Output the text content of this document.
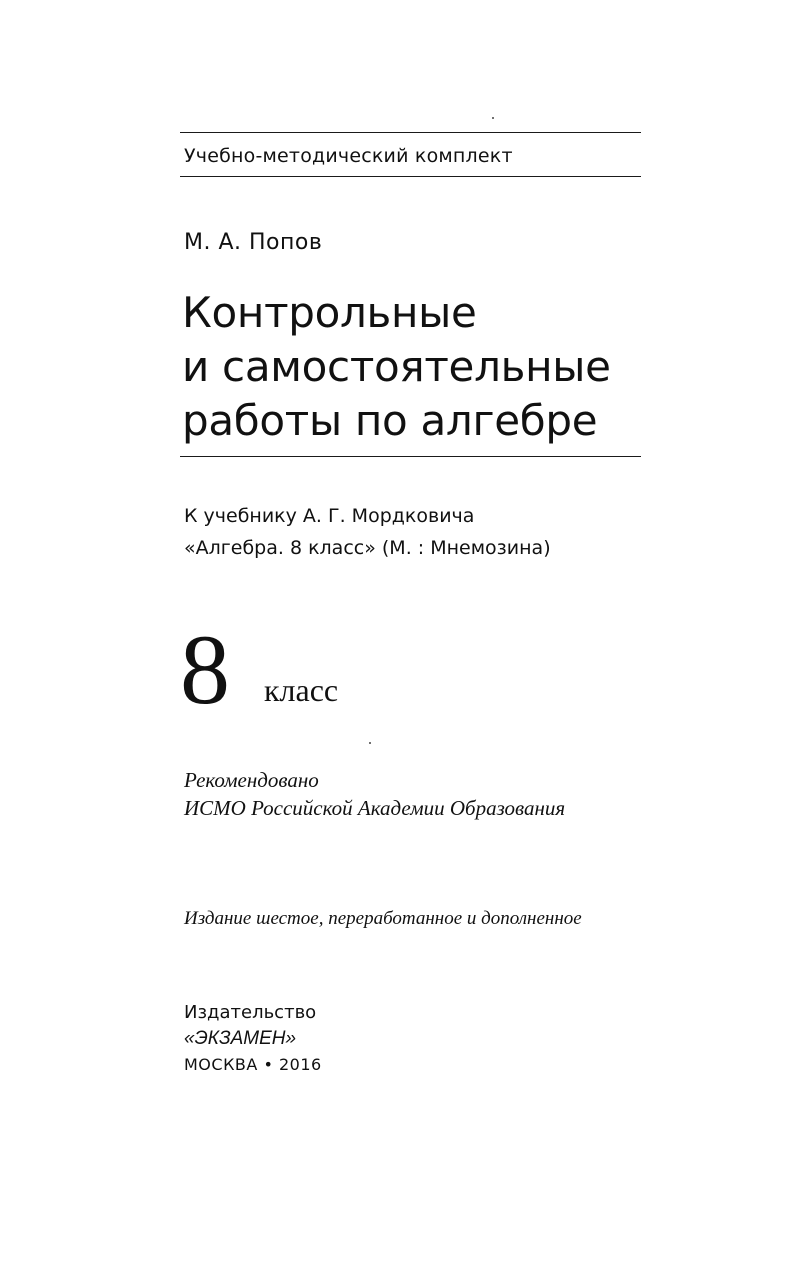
Учебно-методический комплект
М. А. Попов
Контрольные
и самостоятельные
работы по алгебре
К учебнику А. Г. Мордковича
«Алгебра. 8 класс» (М. : Мнемозина)
8 класс
Рекомендовано
ИСМО Российской Академии Образования
Издание шестое, переработанное и дополненное
Издательство
«ЭКЗАМЕН»
МОСКВА • 2016
